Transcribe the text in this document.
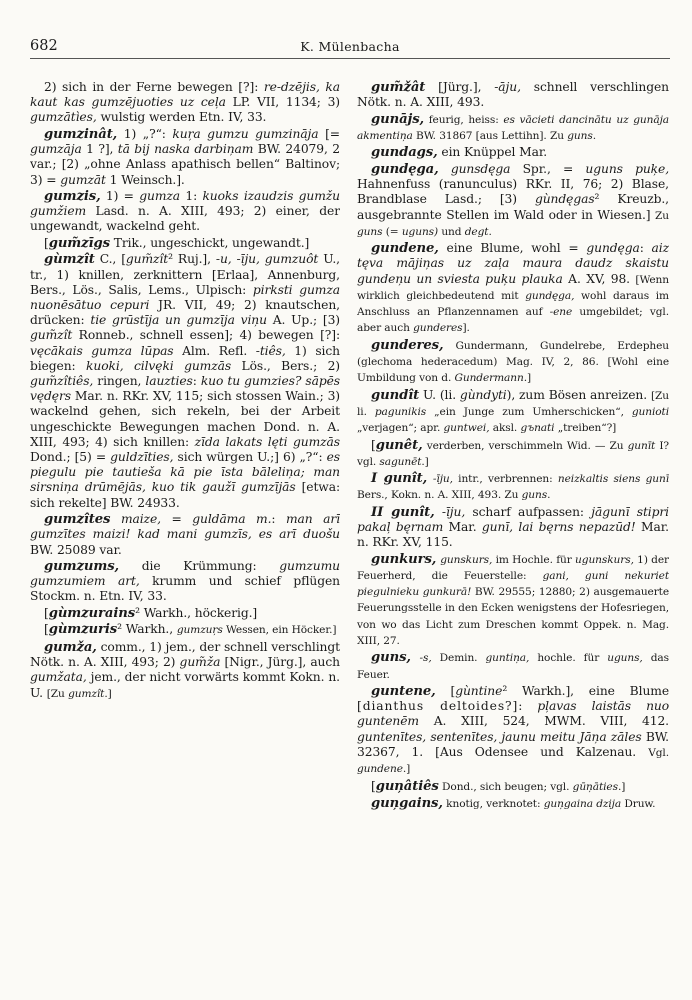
682	K. Mülenbacha

2) sich in der Ferne bewegen [?]: re-dzējis, ka kaut kas gumzējuoties uz ceļa LP. VII, 1134; 3) gumzātìes, wulstig werden Etn. IV, 33.

gumzinât, 1) „?“: kuŗa gumzu gumzināja [= gumzāja 1 ?], tā bij naska darbiņam BW. 24079, 2 var.; [2) „ohne Anlass apathisch bellen“ Baltinov; 3) = gumzāt 1 Weinsch.].

gumzis, 1) = gumza 1: kuoks izaudzis gumžu gumžiem Lasd. n. A. XIII, 493; 2) einer, der ungewandt, wackelnd geht.

[gum̃zīgs Trik., ungeschickt, ungewandt.]

gùmzît C., [gum̃zît² Ruj.], -u, -īju, gumzuôt U., tr., 1) knillen, zerknittern [Erlaa], Annenburg, Bers., Lös., Salis, Lems., Ulpisch: pirksti gumza nuonēsātuo cepuri JR. VII, 49; 2) knautschen, drücken: tie grūstīja un gumzīja viņu A. Up.; [3) gum̃zît Ronneb., schnell essen]; 4) bewegen [?]: vęcākais gumza lūpas Alm. Refl. -tiês, 1) sich biegen: kuoki, cilvęki gumzās Lös., Bers.; 2) gum̃zîtiês, ringen, lauzties: kuo tu gumzies? sāpēs vędęrs Mar. n. RKr. XV, 115; sich stossen Wain.; 3) wackelnd gehen, sich rekeln, bei der Arbeit ungeschickte Bewegungen machen Dond. n. A. XIII, 493; 4) sich knillen: zīda lakats lęti gumzās Dond.; [5) = guldzīties, sich würgen U.;] 6) „?“: es piegulu pie tautieša kā pie īsta bāleliņa; man sirsniņa drūmējās, kuo tik gaužī gumzījās [etwa: sich rekelte] BW. 24933.

gumzîtes maize, = guldāma m.: man arī gumzītes maizi! kad mani gumzīs, es arī duošu BW. 25089 var.

gumzums, die Krümmung: gumzumu gumzumiem art, krumm und schief pflügen Stockm. n. Etn. IV, 33.

[gùmzurains² Warkh., höckerig.]

[gùmzuris² Warkh., gumzuŗs Wessen, ein Höcker.]

gumža, comm., 1) jem., der schnell verschlingt Nötk. n. A. XIII, 493; 2) gum̃ža [Nigr., Jürg.], auch gumžata, jem., der nicht vorwärts kommt Kokn. n. U. [Zu gumzît.]

gum̃žât [Jürg.], -āju, schnell verschlingen Nötk. n. A. XIII, 493.

gunājs, feurig, heiss: es vācieti dancinātu uz gunāja akmentiņa BW. 31867 [aus Lettihn]. Zu guns.

gundags, ein Knüppel Mar.

gundęga, gunsdęga Spr., = uguns puķe, Hahnenfuss (ranunculus) RKr. II, 76; 2) Blase, Brandblase Lasd.; [3) gùndęgas² Kreuzb., ausgebrannte Stellen im Wald oder in Wiesen.] Zu guns (= uguns) und degt.

gundene, eine Blume, wohl = gundęga: aiz tęva mājiņas uz zaļa maura daudz skaistu gundeņu un sviesta puķu plauka A. XV, 98. [Wenn wirklich gleichbedeutend mit gundęga, wohl daraus im Anschluss an Pflanzennamen auf -ene umgebildet; vgl. aber auch gunderes].

gunderes, Gundermann, Gundelrebe, Erdepheu (glechoma hederacedum) Mag. IV, 2, 86. [Wohl eine Umbildung von d. Gundermann.]

gundît U. (li. gùndyti), zum Bösen anreizen. [Zu li. pagunikis „ein Junge zum Umherschicken“, gunioti „verjagen“; apr. guntwei, aksl. gъnati „treiben“?]

[gunêt, verderben, verschimmeln Wid. — Zu gunīt I? vgl. sagunēt.]

I gunît, -īju, intr., verbrennen: neizkaltis siens gunī Bers., Kokn. n. A. XIII, 493. Zu guns.

II gunît, -īju, scharf aufpassen: jāgunī stipri pakaļ bęrnam Mar. gunī, lai bęrns nepazūd! Mar. n. RKr. XV, 115.

gunkurs, gunskurs, im Hochle. für ugunskurs, 1) der Feuerherd, die Feuerstelle: gani, guni nekuriet piegulnieku gunkurā! BW. 29555; 12880; 2) ausgemauerte Feuerungsstelle in den Ecken wenigstens der Hofesriegen, von wo das Licht zum Dreschen kommt Oppek. n. Mag. XIII, 27.

guns, -s, Demin. guntiņa, hochle. für uguns, das Feuer.

guntene, [gùntine² Warkh.], eine Blume [dianthus deltoides?]: pļavas laistās nuo guntenēm A. XIII, 524, MWM. VIII, 412. guntenītes, sentenītes, jaunu meitu Jāņa zāles BW. 32367, 1. [Aus Odensee und Kalzenau. Vgl. gundene.]

[guņâtiês Dond., sich beugen; vgl. gūņāties.]

guņgains, knotig, verknotet: guņgaina dzija Druw.
